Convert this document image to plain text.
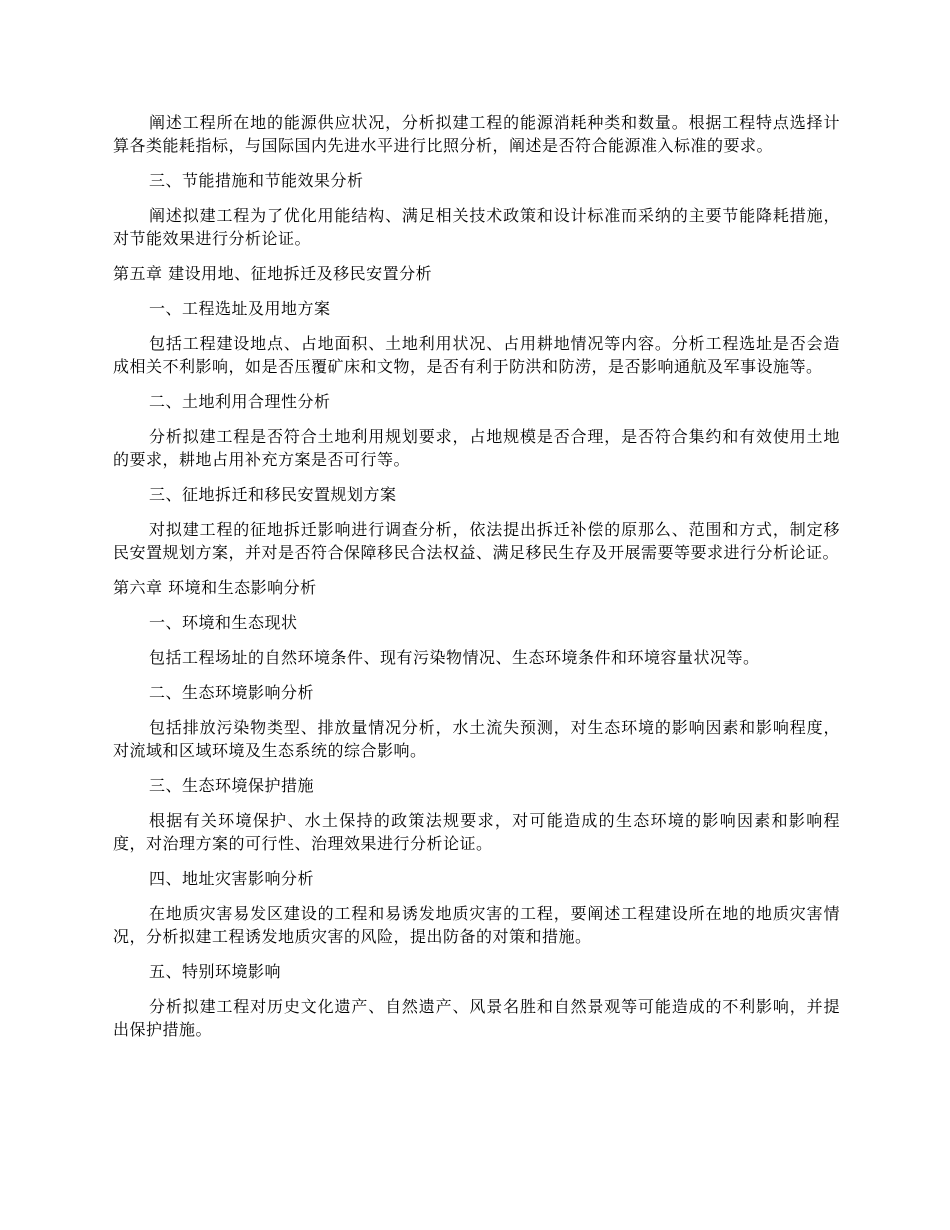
阐述工程所在地的能源供应状况，分析拟建工程的能源消耗种类和数量。根据工程特点选择计算各类能耗指标，与国际国内先进水平进行比照分析，阐述是否符合能源准入标准的要求。

三、节能措施和节能效果分析

阐述拟建工程为了优化用能结构、满足相关技术政策和设计标准而采纳的主要节能降耗措施，对节能效果进行分析论证。

第五章 建设用地、征地拆迁及移民安置分析

一、工程选址及用地方案

包括工程建设地点、占地面积、土地利用状况、占用耕地情况等内容。分析工程选址是否会造成相关不利影响，如是否压覆矿床和文物，是否有利于防洪和防涝，是否影响通航及军事设施等。

二、土地利用合理性分析

分析拟建工程是否符合土地利用规划要求，占地规模是否合理，是否符合集约和有效使用土地的要求，耕地占用补充方案是否可行等。

三、征地拆迁和移民安置规划方案

对拟建工程的征地拆迁影响进行调查分析，依法提出拆迁补偿的原那么、范围和方式，制定移民安置规划方案，并对是否符合保障移民合法权益、满足移民生存及开展需要等要求进行分析论证。

第六章 环境和生态影响分析

一、环境和生态现状

包括工程场址的自然环境条件、现有污染物情况、生态环境条件和环境容量状况等。

二、生态环境影响分析

包括排放污染物类型、排放量情况分析，水土流失预测，对生态环境的影响因素和影响程度，对流域和区域环境及生态系统的综合影响。

三、生态环境保护措施

根据有关环境保护、水土保持的政策法规要求，对可能造成的生态环境的影响因素和影响程度，对治理方案的可行性、治理效果进行分析论证。

四、地址灾害影响分析

在地质灾害易发区建设的工程和易诱发地质灾害的工程，要阐述工程建设所在地的地质灾害情况，分析拟建工程诱发地质灾害的风险，提出防备的对策和措施。

五、特别环境影响

分析拟建工程对历史文化遗产、自然遗产、风景名胜和自然景观等可能造成的不利影响，并提出保护措施。
